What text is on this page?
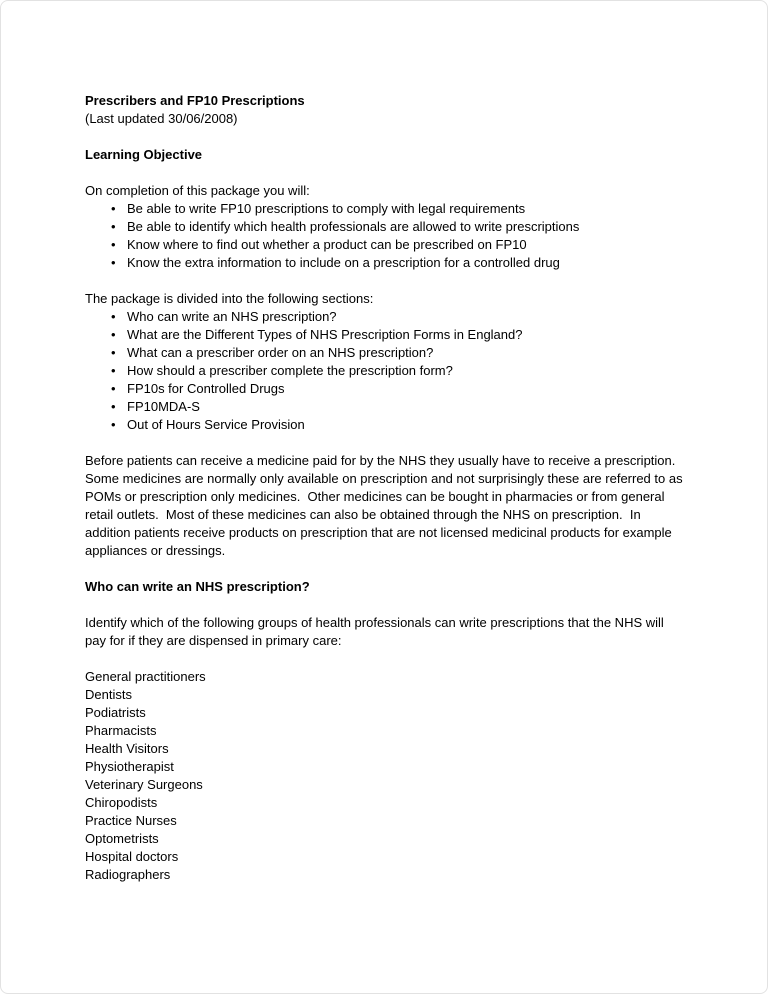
Prescribers and FP10 Prescriptions

(Last updated 30/06/2008)

Learning Objective

On completion of this package you will:

• Be able to write FP10 prescriptions to comply with legal requirements
• Be able to identify which health professionals are allowed to write prescriptions
• Know where to find out whether a product can be prescribed on FP10
• Know the extra information to include on a prescription for a controlled drug

The package is divided into the following sections:

• Who can write an NHS prescription?
• What are the Different Types of NHS Prescription Forms in England?
• What can a prescriber order on an NHS prescription?
• How should a prescriber complete the prescription form?
• FP10s for Controlled Drugs
• FP10MDA-S
• Out of Hours Service Provision

Before patients can receive a medicine paid for by the NHS they usually have to receive a prescription.  Some medicines are normally only available on prescription and not surprisingly these are referred to as POMs or prescription only medicines.  Other medicines can be bought in pharmacies or from general retail outlets.  Most of these medicines can also be obtained through the NHS on prescription.  In addition patients receive products on prescription that are not licensed medicinal products for example appliances or dressings.

Who can write an NHS prescription?

Identify which of the following groups of health professionals can write prescriptions that the NHS will pay for if they are dispensed in primary care:

General practitioners

Dentists

Podiatrists

Pharmacists

Health Visitors

Physiotherapist

Veterinary Surgeons

Chiropodists

Practice Nurses

Optometrists

Hospital doctors

Radiographers
